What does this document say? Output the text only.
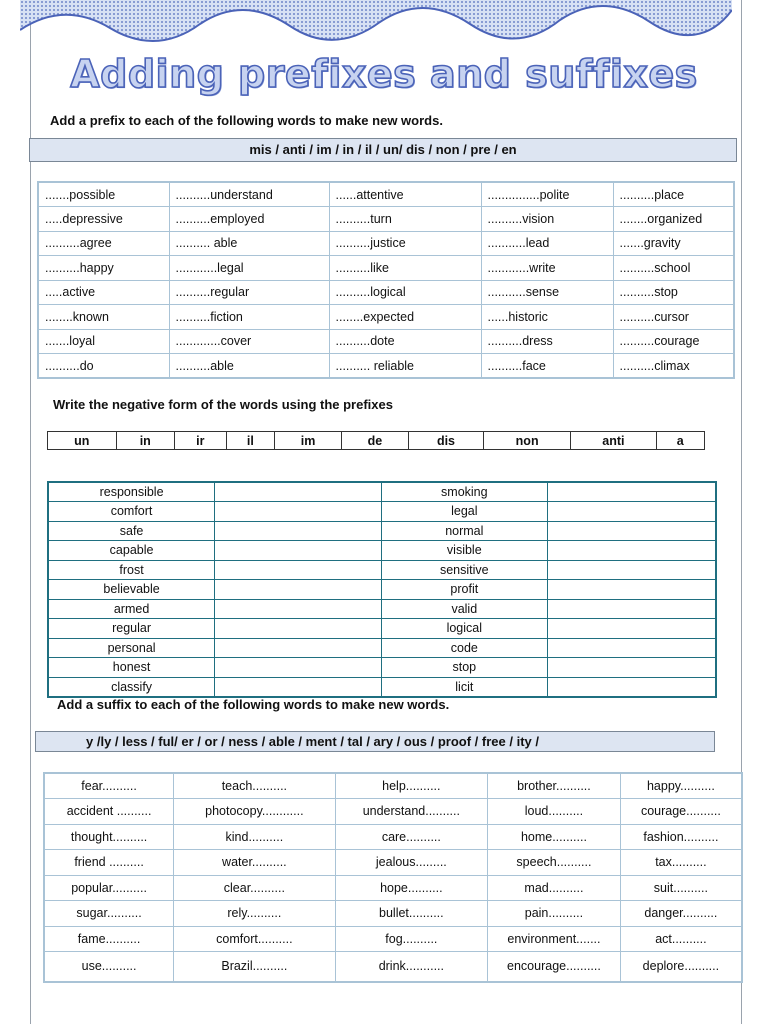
Adding prefixes and suffixes
Add a prefix to each of the following words to make new words.
mis / anti / im / in / il / un/ dis / non / pre / en
.......possible	..........understand	......attentive	...............polite	..........place
.....depressive	..........employed	..........turn	..........vision	........organized
..........agree	.......... able	..........justice	...........lead	.......gravity
..........happy	............legal	..........like	............write	..........school
.....active	..........regular	..........logical	...........sense	..........stop
........known	..........fiction	........expected	......historic	..........cursor
.......loyal	.............cover	..........dote	..........dress	..........courage
..........do	..........able	.......... reliable	..........face	..........climax
Write the negative form of the words using the prefixes
un	in	ir	il	im	de	dis	non	anti	a
responsible		smoking	
comfort		legal	
safe		normal	
capable		visible	
frost		sensitive	
believable		profit	
armed		valid	
regular		logical	
personal		code	
honest		stop	
classify		licit	
Add a suffix to each of the following words to make new words.
y /ly / less / ful/ er / or / ness / able / ment / tal / ary / ous / proof / free / ity /
fear..........	teach..........	help..........	brother..........	happy..........
accident ..........	photocopy............	understand..........	loud..........	courage..........
thought..........	kind..........	care..........	home..........	fashion..........
friend ..........	water..........	jealous.........	speech..........	tax..........
popular..........	clear..........	hope..........	mad..........	suit..........
sugar..........	rely..........	bullet..........	pain..........	danger..........
fame..........	comfort..........	fog..........	environment.......	act..........
use..........	Brazil..........	drink...........	encourage..........	deplore..........
